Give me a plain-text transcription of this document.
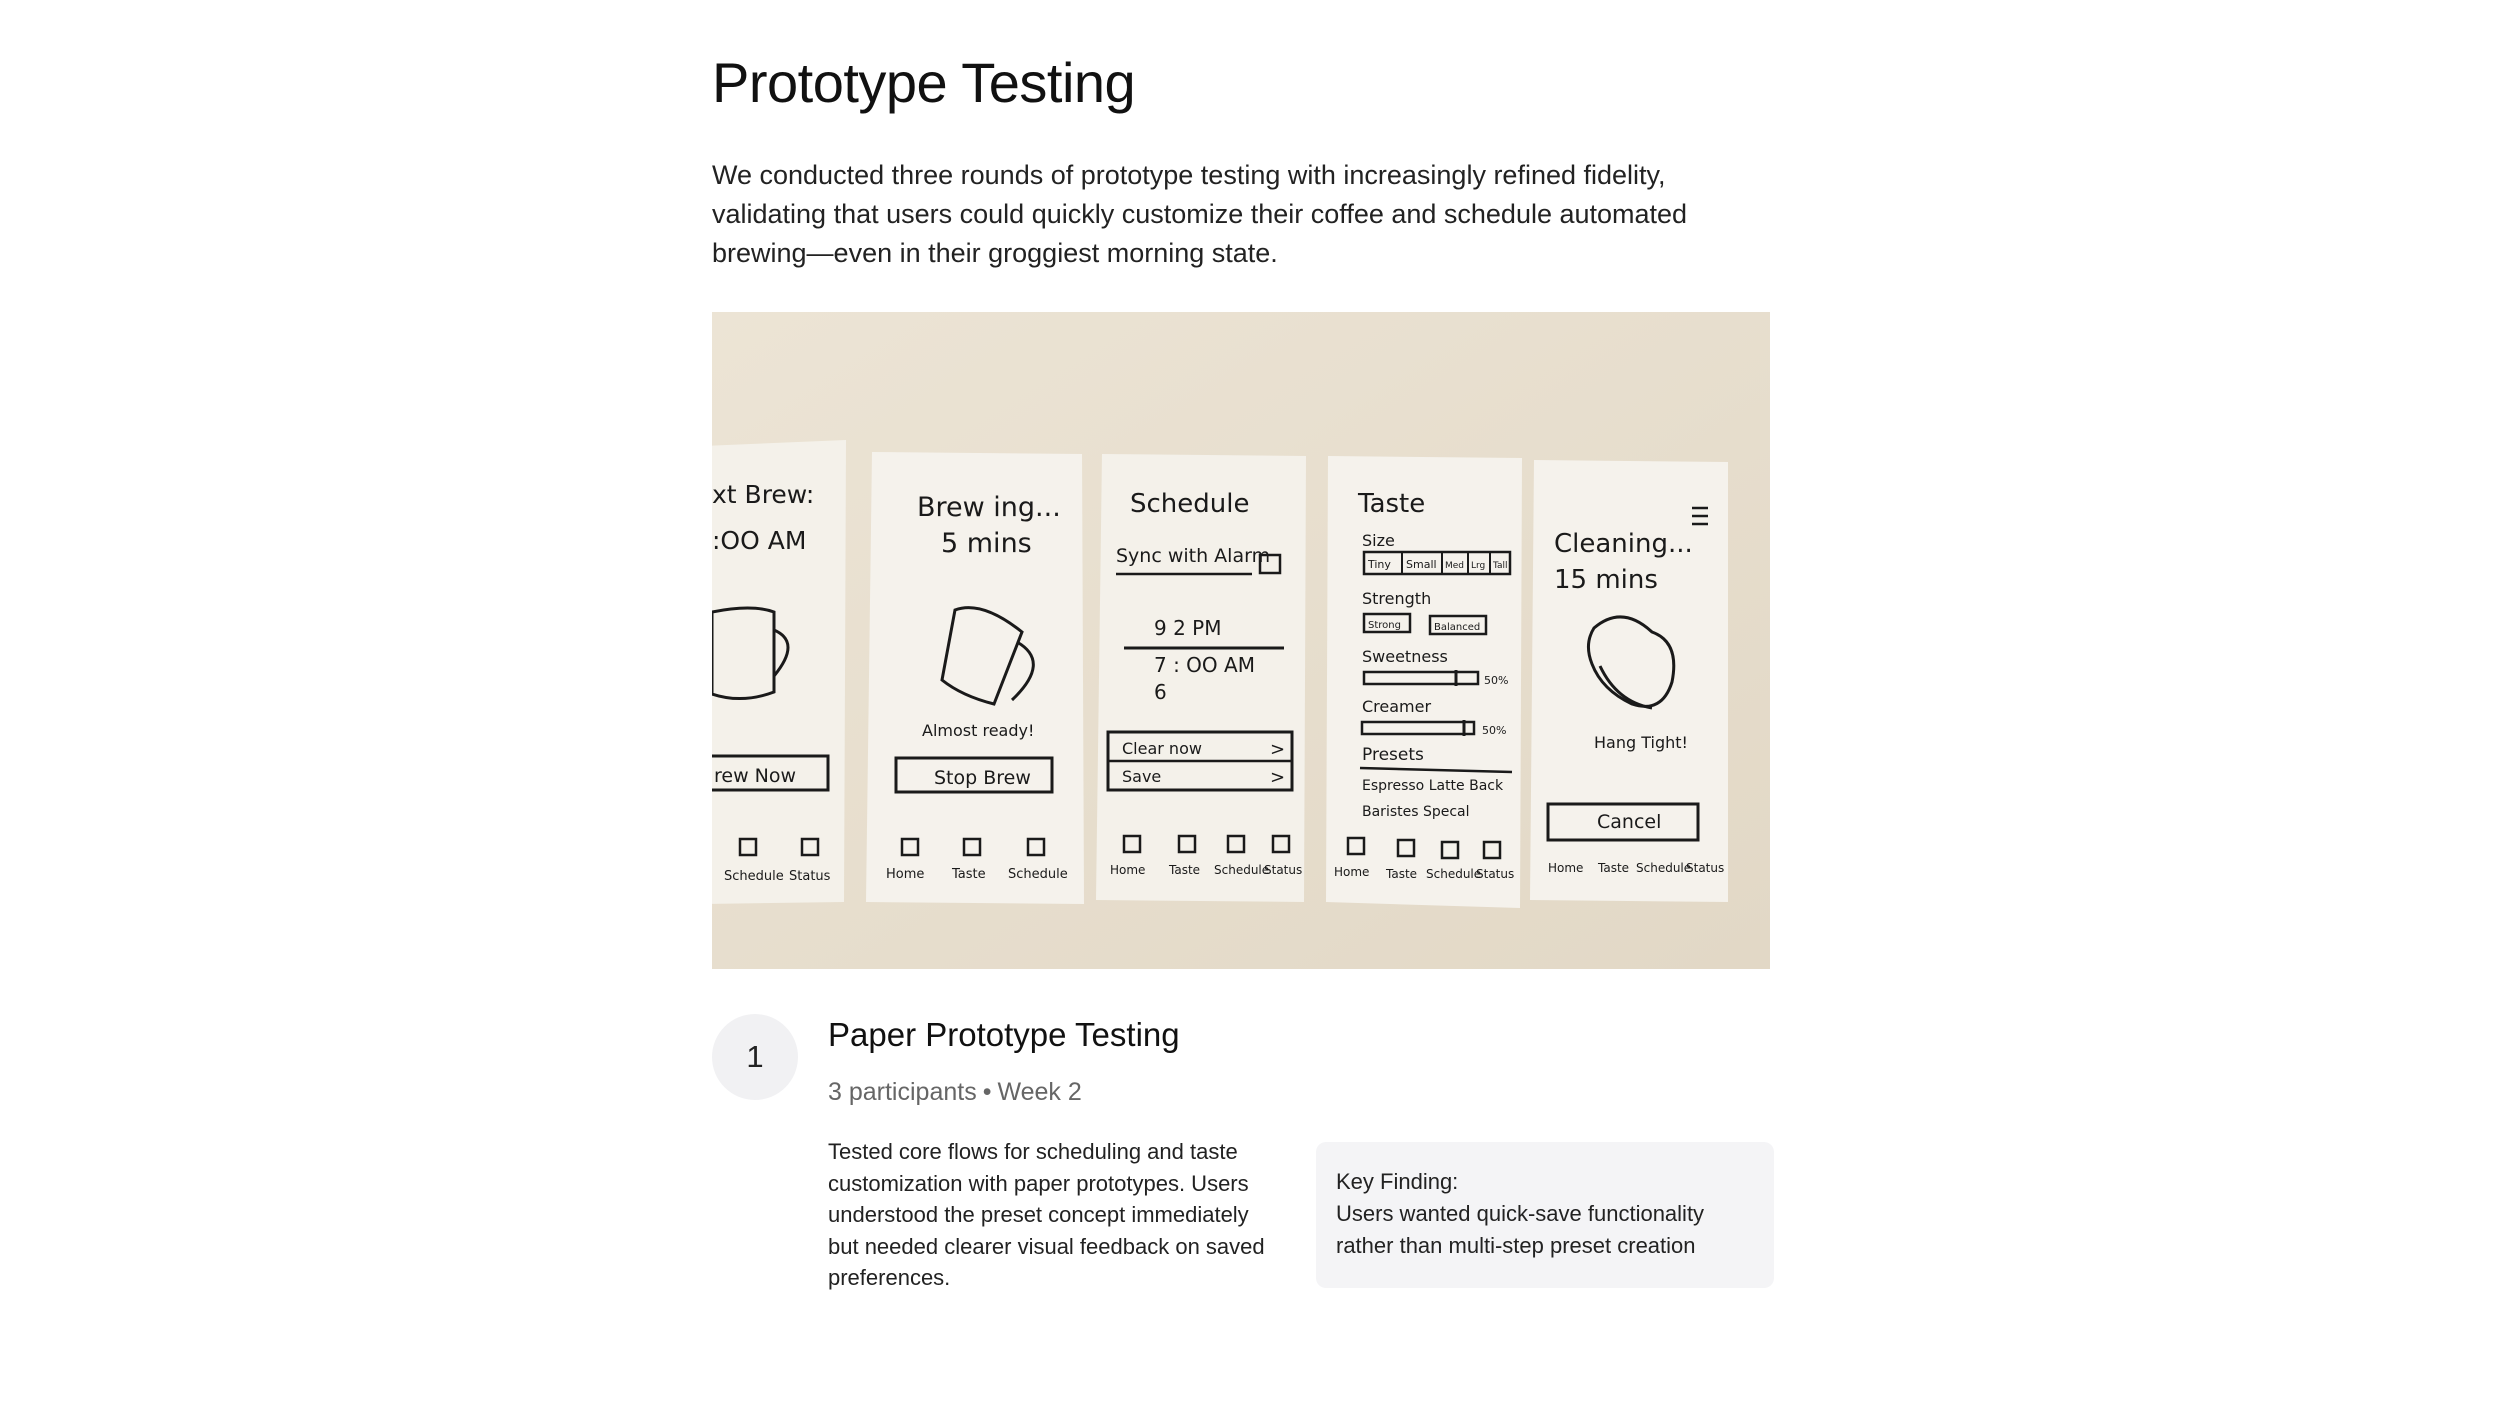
Prototype Testing

We conducted three rounds of prototype testing with increasingly refined fidelity, validating that users could quickly customize their coffee and schedule automated brewing—even in their groggiest morning state.

xt Brew:
:OO AM
rew Now
Schedule Status
Brew ing...
5 mins
Almost ready!
Stop Brew
Home Taste Schedule
Schedule
Sync with Alarm
9 2 PM
7 : OO AM
6
Clear now
Save
>
>
Home Taste Schedule
Status
Taste
Size
Tiny Small Med Lrg Tall
Strength
Strong	Balanced
Sweetness
50%
Creamer
50%
Presets
Espresso Latte Back
Baristes Specal
Home Taste Schedule
Status
Cleaning...
15 mins
Hang Tight!
Cancel
Home Taste Schedule
Status
1
Paper Prototype Testing
3 participants • Week 2

Tested core flows for scheduling and taste customization with paper prototypes. Users understood the preset concept immediately but needed clearer visual feedback on saved preferences.

Key Finding:
Users wanted quick-save functionality rather than multi-step preset creation
